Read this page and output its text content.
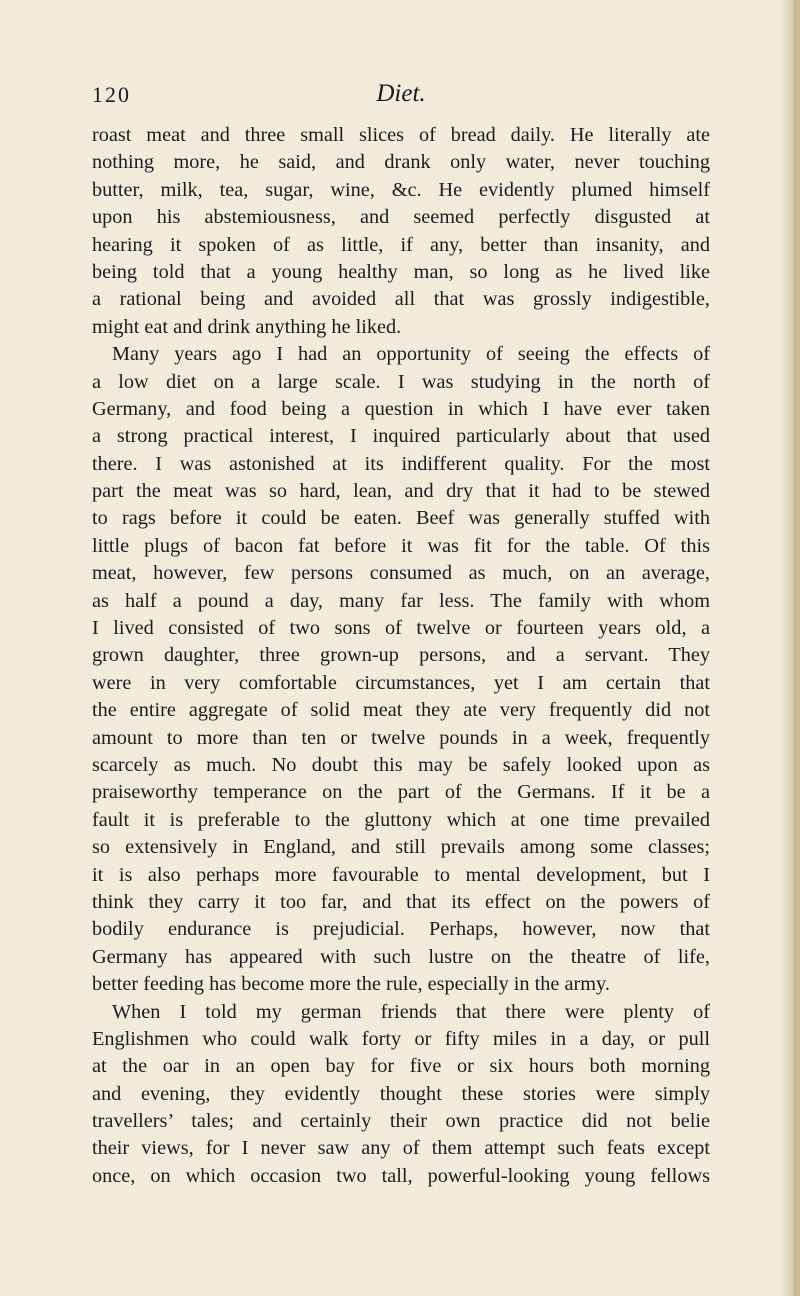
120	Diet.
roast meat and three small slices of bread daily. He literally ate
nothing more, he said, and drank only water, never touching
butter, milk, tea, sugar, wine, &c. He evidently plumed himself
upon his abstemiousness, and seemed perfectly disgusted at
hearing it spoken of as little, if any, better than insanity, and
being told that a young healthy man, so long as he lived like
a rational being and avoided all that was grossly indigestible,
might eat and drink anything he liked.
Many years ago I had an opportunity of seeing the effects of
a low diet on a large scale. I was studying in the north of
Germany, and food being a question in which I have ever taken
a strong practical interest, I inquired particularly about that used
there. I was astonished at its indifferent quality. For the most
part the meat was so hard, lean, and dry that it had to be stewed
to rags before it could be eaten. Beef was generally stuffed with
little plugs of bacon fat before it was fit for the table. Of this
meat, however, few persons consumed as much, on an average,
as half a pound a day, many far less. The family with whom
I lived consisted of two sons of twelve or fourteen years old, a
grown daughter, three grown-up persons, and a servant. They
were in very comfortable circumstances, yet I am certain that
the entire aggregate of solid meat they ate very frequently did not
amount to more than ten or twelve pounds in a week, frequently
scarcely as much. No doubt this may be safely looked upon as
praiseworthy temperance on the part of the Germans. If it be a
fault it is preferable to the gluttony which at one time prevailed
so extensively in England, and still prevails among some classes;
it is also perhaps more favourable to mental development, but I
think they carry it too far, and that its effect on the powers of
bodily endurance is prejudicial. Perhaps, however, now that
Germany has appeared with such lustre on the theatre of life,
better feeding has become more the rule, especially in the army.
When I told my german friends that there were plenty of
Englishmen who could walk forty or fifty miles in a day, or pull
at the oar in an open bay for five or six hours both morning
and evening, they evidently thought these stories were simply
travellers’ tales; and certainly their own practice did not belie
their views, for I never saw any of them attempt such feats except
once, on which occasion two tall, powerful-looking young fellows
